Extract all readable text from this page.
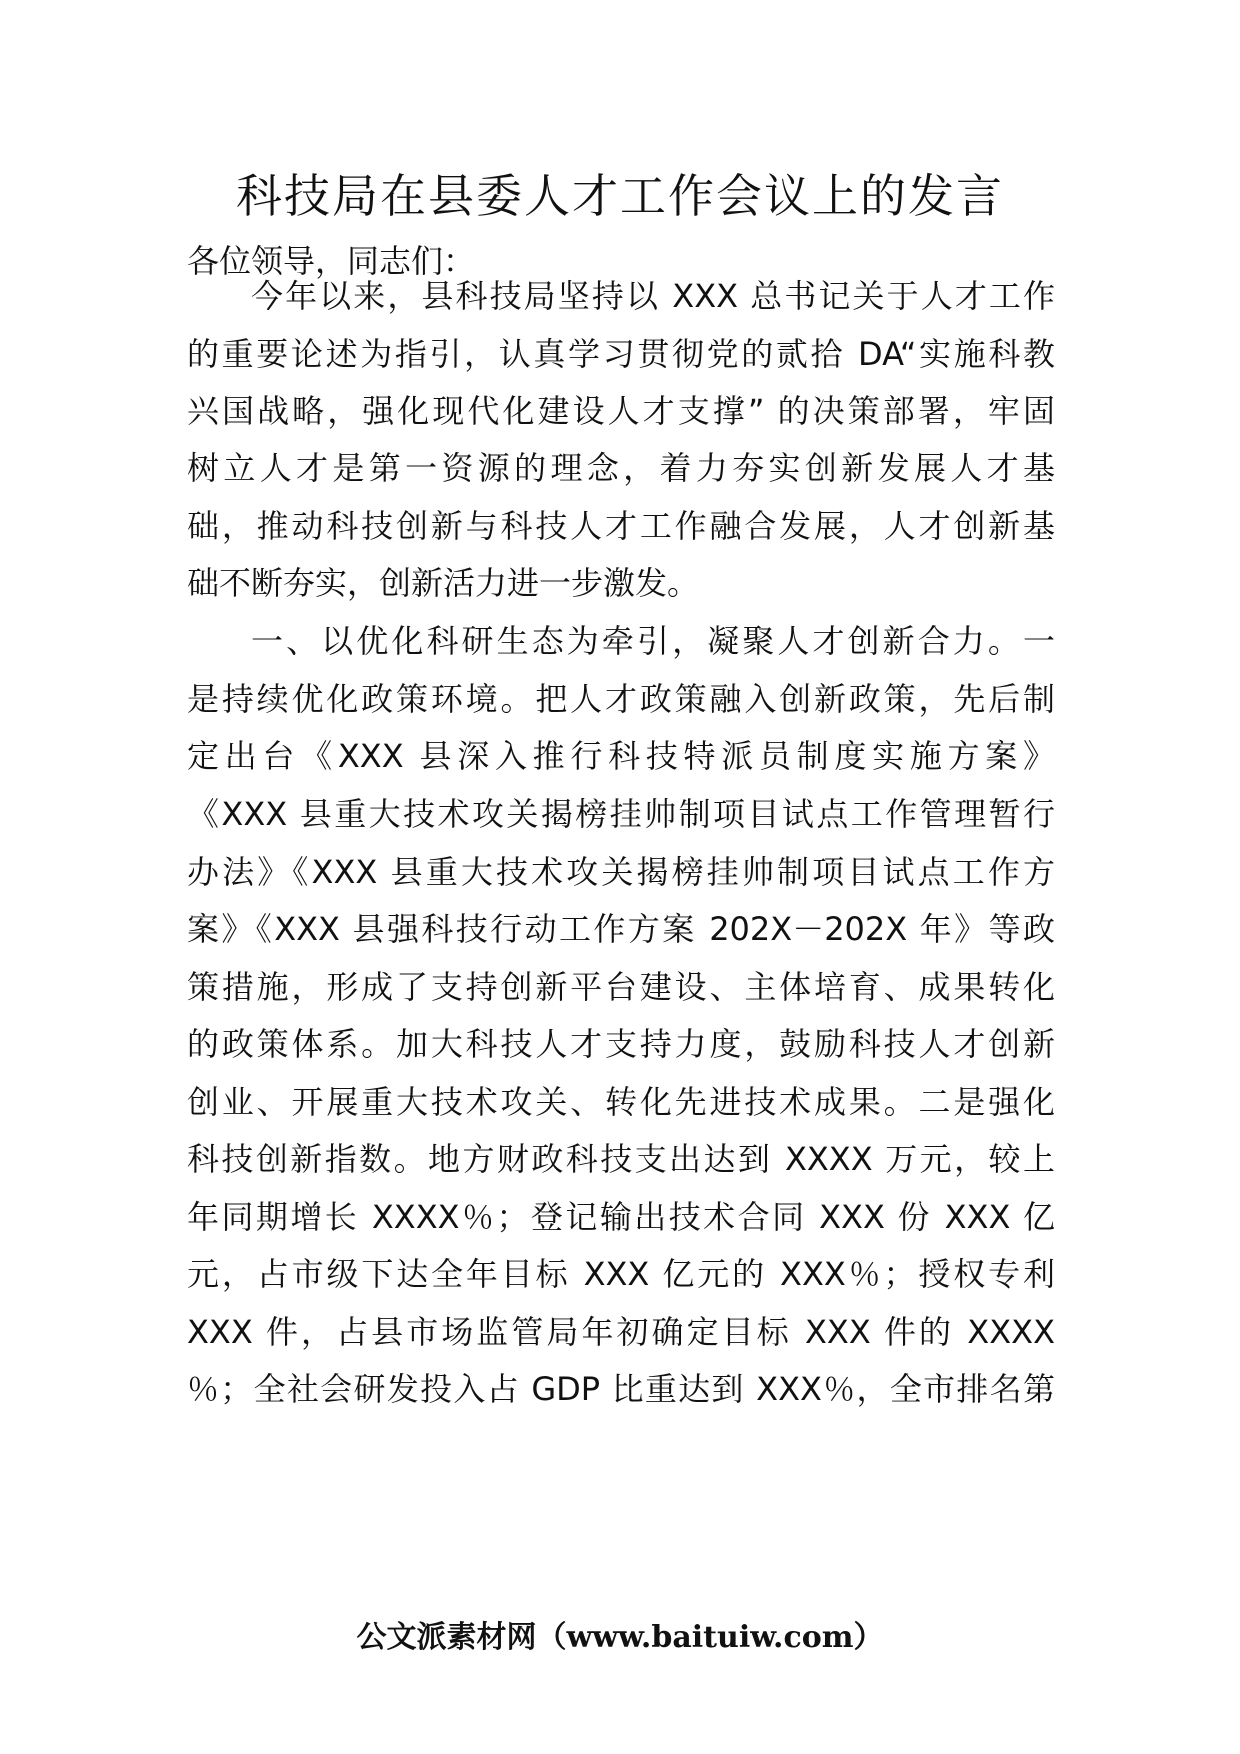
科技局在县委人才工作会议上的发言
各位领导，同志们：
今年以来，县科技局坚持以 XXX 总书记关于人才工作
的重要论述为指引，认真学习贯彻党的贰拾 DA“实施科教
兴国战略，强化现代化建设人才支撑” 的决策部署，牢固
树立人才是第一资源的理念，着力夯实创新发展人才基
础，推动科技创新与科技人才工作融合发展，人才创新基
础不断夯实，创新活力进一步激发。
一、以优化科研生态为牵引，凝聚人才创新合力。一
是持续优化政策环境。把人才政策融入创新政策，先后制
定出台《XXX 县深入推行科技特派员制度实施方案》
《XXX 县重大技术攻关揭榜挂帅制项目试点工作管理暂行
办法》《XXX 县重大技术攻关揭榜挂帅制项目试点工作方
案》《XXX 县强科技行动工作方案 202X－202X 年》等政
策措施，形成了支持创新平台建设、主体培育、成果转化
的政策体系。加大科技人才支持力度，鼓励科技人才创新
创业、开展重大技术攻关、转化先进技术成果。二是强化
科技创新指数。地方财政科技支出达到 XXXX 万元，较上
年同期增长 XXXX％；登记输出技术合同 XXX 份 XXX 亿
元，占市级下达全年目标 XXX 亿元的 XXX％；授权专利
XXX 件，占县市场监管局年初确定目标 XXX 件的 XXXX
％；全社会研发投入占 GDP 比重达到 XXX％，全市排名第
公文派素材网（www.baituiw.com）
